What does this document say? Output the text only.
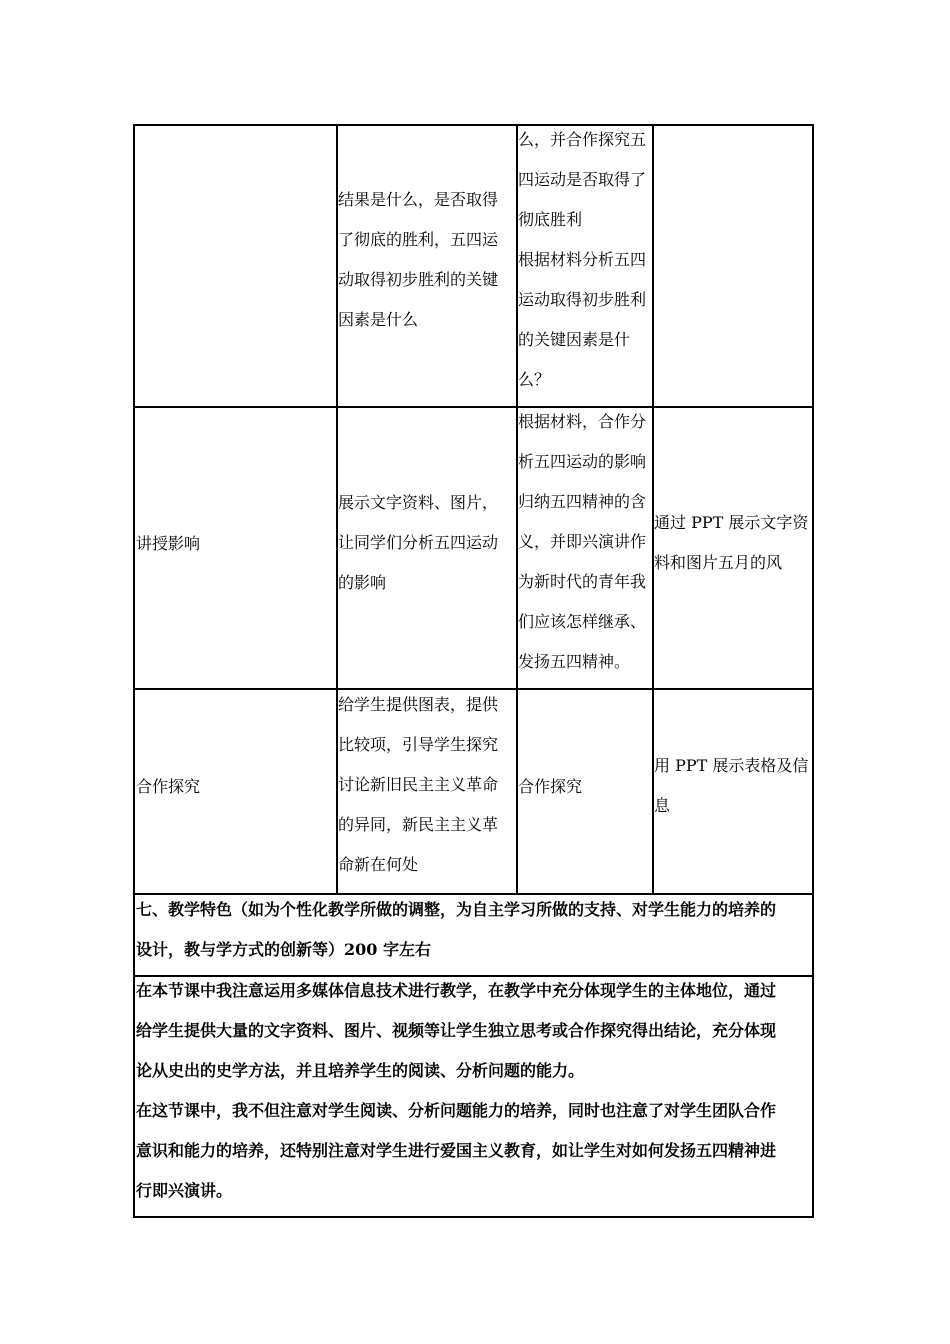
结果是什么，是否取得
了彻底的胜利，五四运
动取得初步胜利的关键
因素是什么
么，并合作探究五
四运动是否取得了
彻底胜利
根据材料分析五四
运动取得初步胜利
的关键因素是什
么？
讲授影响
展示文字资料、图片，
让同学们分析五四运动
的影响
根据材料，合作分
析五四运动的影响
归纳五四精神的含
义，并即兴演讲作
为新时代的青年我
们应该怎样继承、
发扬五四精神。
通过 PPT 展示文字资
料和图片五月的风
合作探究
给学生提供图表，提供
比较项，引导学生探究
讨论新旧民主主义革命
的异同，新民主主义革
命新在何处
合作探究
用 PPT 展示表格及信
息
七、教学特色（如为个性化教学所做的调整，为自主学习所做的支持、对学生能力的培养的
设计，教与学方式的创新等）200 字左右
在本节课中我注意运用多媒体信息技术进行教学，在教学中充分体现学生的主体地位，通过
给学生提供大量的文字资料、图片、视频等让学生独立思考或合作探究得出结论，充分体现
论从史出的史学方法，并且培养学生的阅读、分析问题的能力。
在这节课中，我不但注意对学生阅读、分析问题能力的培养，同时也注意了对学生团队合作
意识和能力的培养，还特别注意对学生进行爱国主义教育，如让学生对如何发扬五四精神进
行即兴演讲。
